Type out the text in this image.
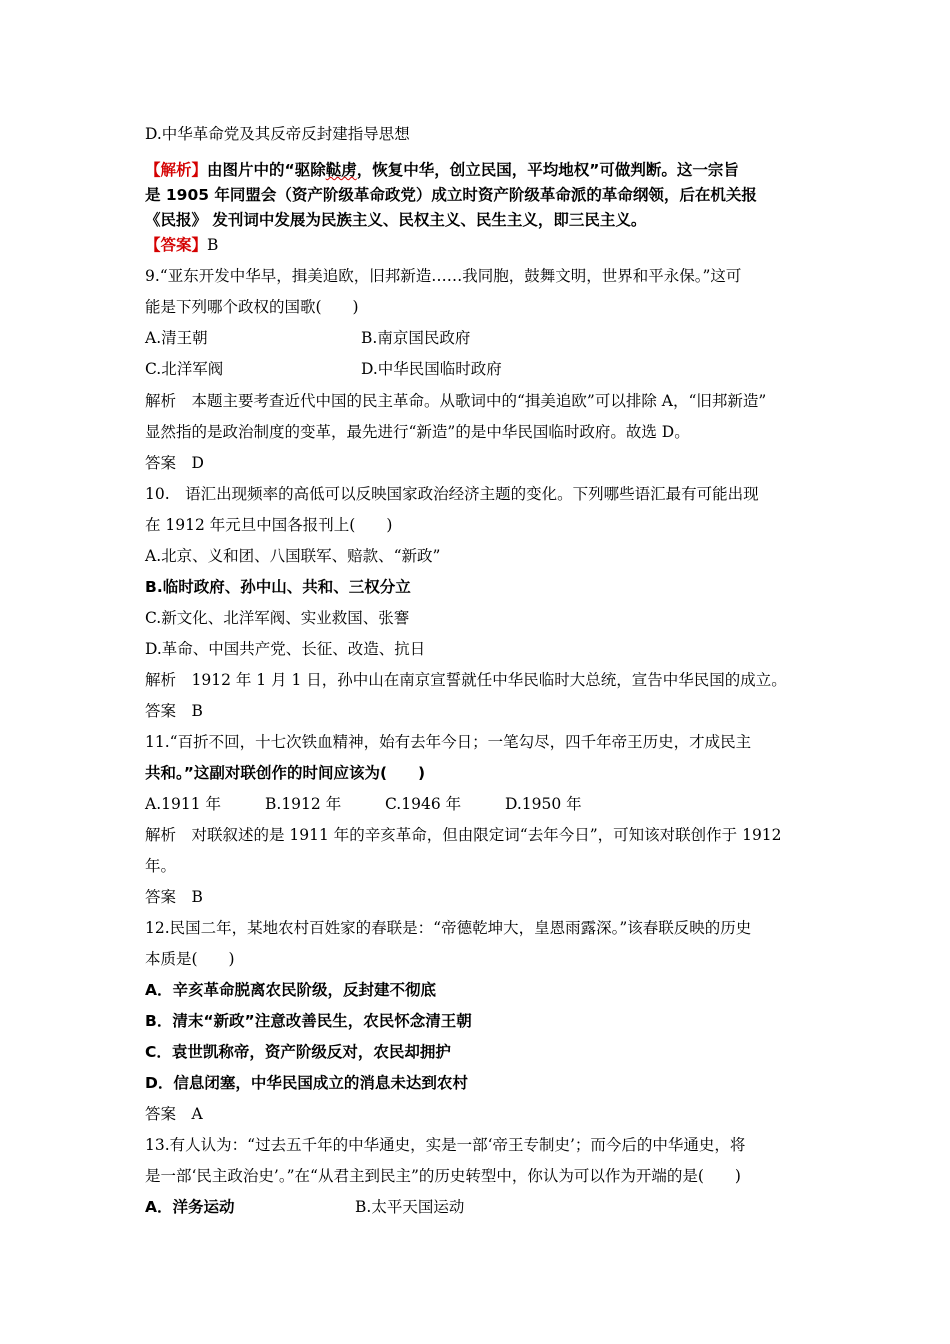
D.中华革命党及其反帝反封建指导思想
【解析】由图片中的“驱除鞑虏，恢复中华，创立民国，平均地权”可做判断。这一宗旨
是 1905 年同盟会（资产阶级革命政党）成立时资产阶级革命派的革命纲领，后在机关报
《民报》 发刊词中发展为民族主义、民权主义、民生主义，即三民主义。
【答案】B
9.“亚东开发中华早，揖美追欧，旧邦新造……我同胞，鼓舞文明，世界和平永保。”这可
能是下列哪个政权的国歌(　　)
A.清王朝	B.南京国民政府
C.北洋军阀	D.中华民国临时政府
解析　本题主要考查近代中国的民主革命。从歌词中的“揖美追欧”可以排除 A，“旧邦新造”
显然指的是政治制度的变革，最先进行“新造”的是中华民国临时政府。故选 D。
答案　D
10.　语汇出现频率的高低可以反映国家政治经济主题的变化。下列哪些语汇最有可能出现
在 1912 年元旦中国各报刊上(　　)
A.北京、义和团、八国联军、赔款、“新政”
B.临时政府、孙中山、共和、三权分立
C.新文化、北洋军阀、实业救国、张謇
D.革命、中国共产党、长征、改造、抗日
解析　1912 年 1 月 1 日，孙中山在南京宣誓就任中华民临时大总统，宣告中华民国的成立。
答案　B
11.“百折不回，十七次铁血精神，始有去年今日；一笔勾尽，四千年帝王历史，才成民主
共和。”这副对联创作的时间应该为(　　)
A.1911 年	B.1912 年	C.1946 年	D.1950 年
解析　对联叙述的是 1911 年的辛亥革命，但由限定词“去年今日”，可知该对联创作于 1912
年。
答案　B
12.民国二年，某地农村百姓家的春联是：“帝德乾坤大，皇恩雨露深。”该春联反映的历史
本质是(　　)
A．辛亥革命脱离农民阶级，反封建不彻底
B．清末“新政”注意改善民生，农民怀念清王朝
C．袁世凯称帝，资产阶级反对，农民却拥护
D．信息闭塞，中华民国成立的消息未达到农村
答案　A
13.有人认为：“过去五千年的中华通史，实是一部‘帝王专制史’；而今后的中华通史，将
是一部‘民主政治史’。”在“从君主到民主”的历史转型中，你认为可以作为开端的是(　　)
A．洋务运动	B.太平天国运动
